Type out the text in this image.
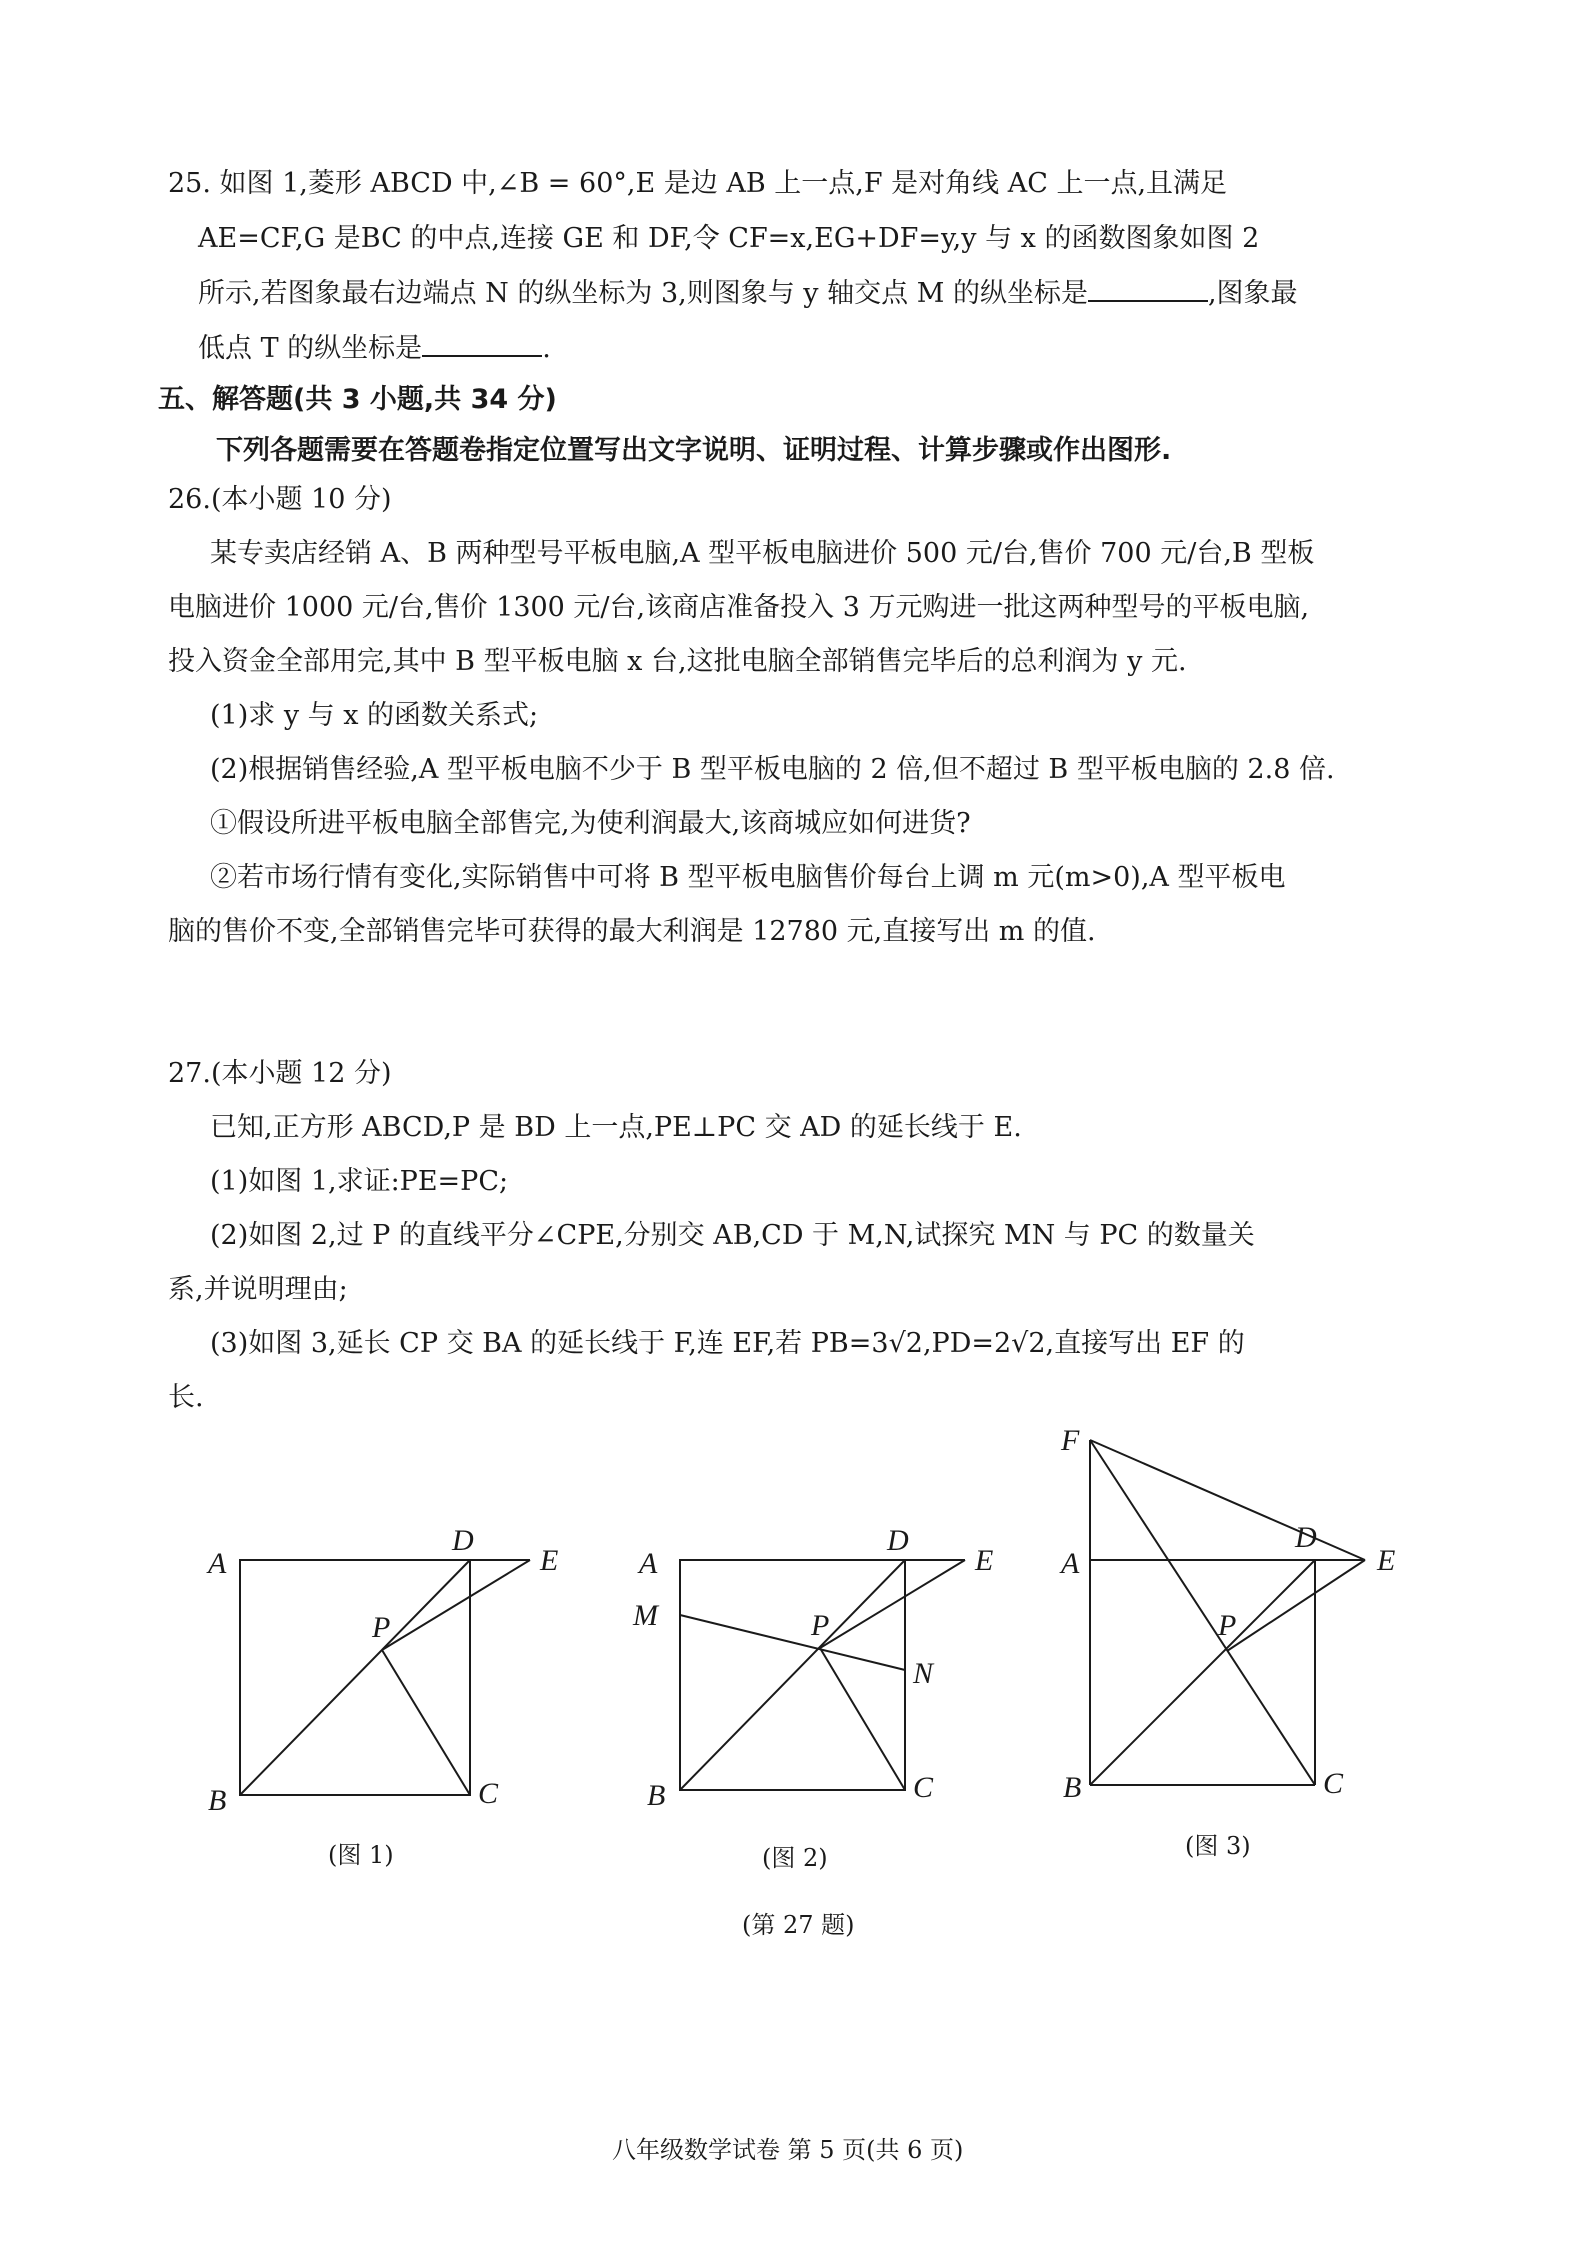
25. 如图 1,菱形 ABCD 中,∠B = 60°,E 是边 AB 上一点,F 是对角线 AC 上一点,且满足
AE=CF,G 是BC 的中点,连接 GE 和 DF,令 CF=x,EG+DF=y,y 与 x 的函数图象如图 2
所示,若图象最右边端点 N 的纵坐标为 3,则图象与 y 轴交点 M 的纵坐标是	,图象最
低点 T 的纵坐标是	.
五、解答题(共 3 小题,共 34 分)
下列各题需要在答题卷指定位置写出文字说明、证明过程、计算步骤或作出图形.
26.(本小题 10 分)
某专卖店经销 A、B 两种型号平板电脑,A 型平板电脑进价 500 元/台,售价 700 元/台,B 型板
电脑进价 1000 元/台,售价 1300 元/台,该商店准备投入 3 万元购进一批这两种型号的平板电脑,
投入资金全部用完,其中 B 型平板电脑 x 台,这批电脑全部销售完毕后的总利润为 y 元.
(1)求 y 与 x 的函数关系式;
(2)根据销售经验,A 型平板电脑不少于 B 型平板电脑的 2 倍,但不超过 B 型平板电脑的 2.8 倍.
①假设所进平板电脑全部售完,为使利润最大,该商城应如何进货?
②若市场行情有变化,实际销售中可将 B 型平板电脑售价每台上调 m 元(m>0),A 型平板电
脑的售价不变,全部销售完毕可获得的最大利润是 12780 元,直接写出 m 的值.
27.(本小题 12 分)
已知,正方形 ABCD,P 是 BD 上一点,PE⊥PC 交 AD 的延长线于 E.
(1)如图 1,求证:PE=PC;
(2)如图 2,过 P 的直线平分∠CPE,分别交 AB,CD 于 M,N,试探究 MN 与 PC 的数量关
系,并说明理由;
(3)如图 3,延长 CP 交 BA 的延长线于 F,连 EF,若 PB=3√2,PD=2√2,直接写出 EF 的
长.
A
D
E
P
B	C
(图 1)
A
D
E
M	P
N
B	C
(图 2)
F
A
D
E
P
B	C
(图 3)
(第 27 题)
八年级数学试卷 第 5 页(共 6 页)
